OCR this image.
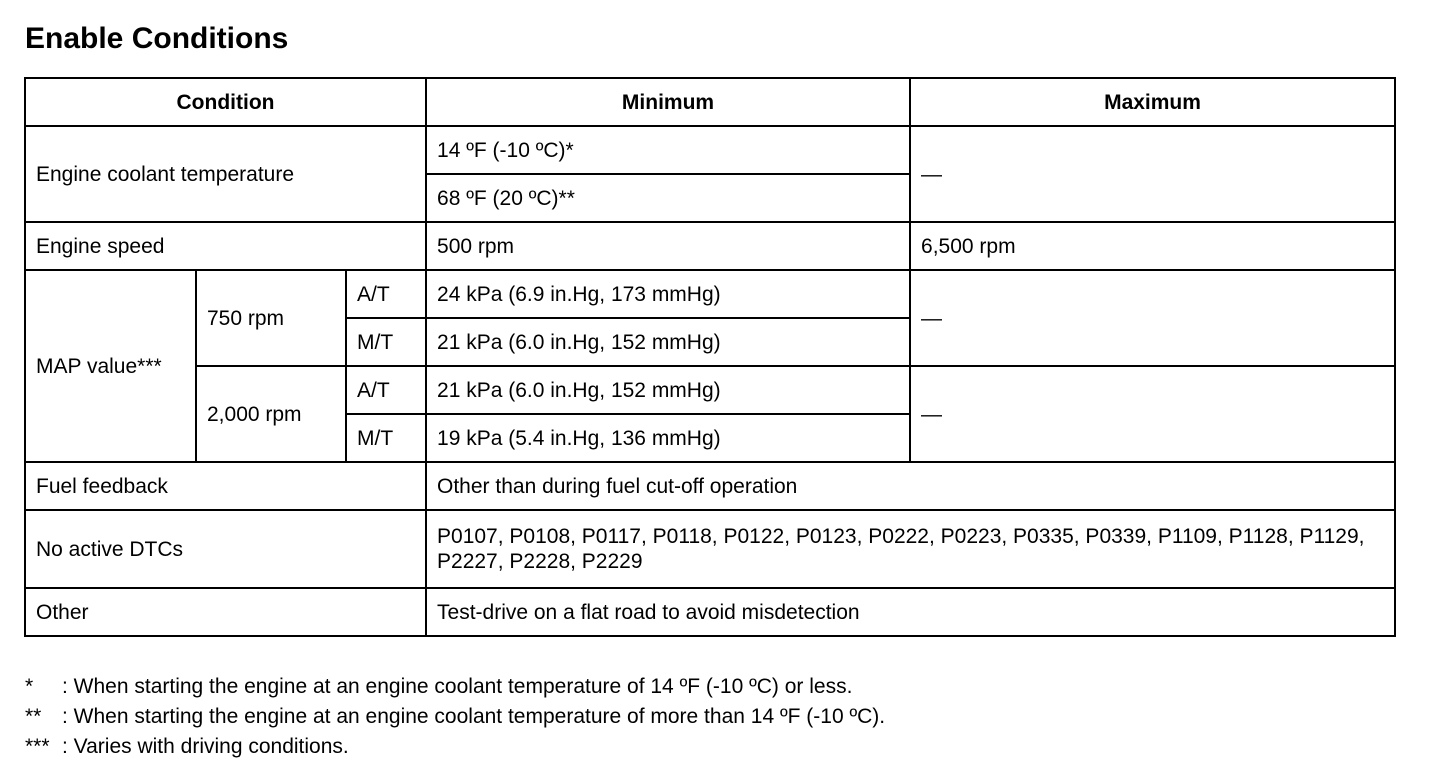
Enable Conditions
Condition			Minimum	Maximum
Engine coolant temperature			14 ºF (-10 ºC)*	—
			68 ºF (20 ºC)**	
Engine speed			500 rpm	6,500 rpm
MAP value***	750 rpm	A/T	24 kPa (6.9 in.Hg, 173 mmHg)	—
		M/T	21 kPa (6.0 in.Hg, 152 mmHg)	
	2,000 rpm	A/T	21 kPa (6.0 in.Hg, 152 mmHg)	—
		M/T	19 kPa (5.4 in.Hg, 136 mmHg)	
Fuel feedback			Other than during fuel cut-off operation	
No active DTCs			P0107, P0108, P0117, P0118, P0122, P0123, P0222, P0223, P0335, P0339, P1109, P1128, P1129, P2227, P2228, P2229	
Other			Test-drive on a flat road to avoid misdetection	
*	: When starting the engine at an engine coolant temperature of 14 ºF (-10 ºC) or less.
** : When starting the engine at an engine coolant temperature of more than 14 ºF (-10 ºC).
*** : Varies with driving conditions.
